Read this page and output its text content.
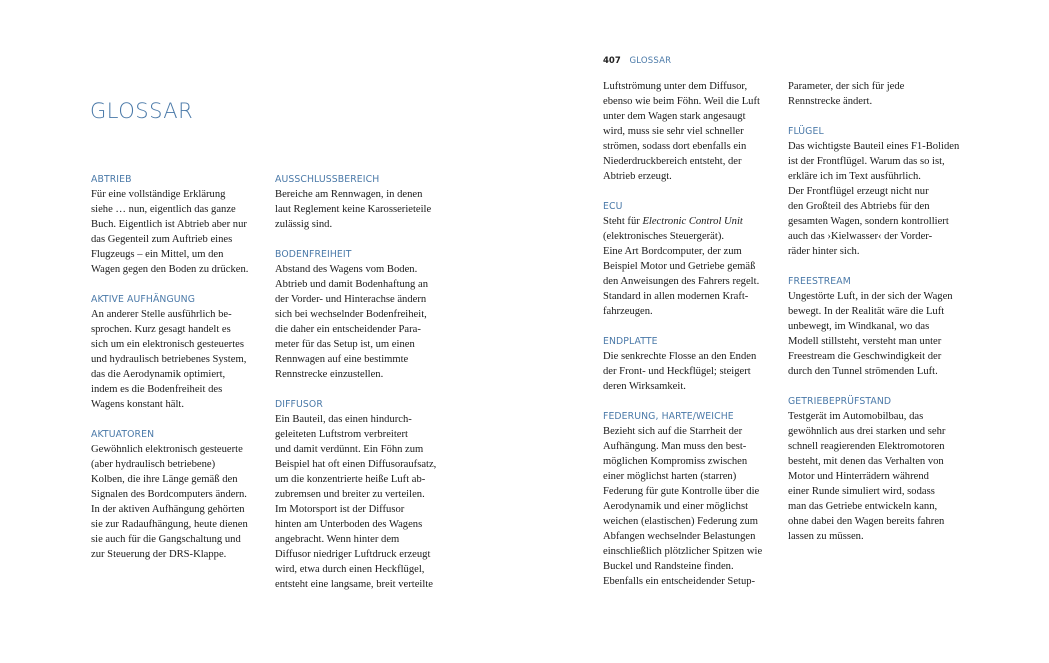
GLOSSAR
407 GLOSSAR
ABTRIEB
Für eine vollständige Erklärung
siehe … nun, eigentlich das ganze
Buch. Eigentlich ist Abtrieb aber nur
das Gegenteil zum Auftrieb eines
Flugzeugs – ein Mittel, um den
Wagen gegen den Boden zu drücken.
AKTIVE AUFHÄNGUNG
An anderer Stelle ausführlich be-
sprochen. Kurz gesagt handelt es
sich um ein elektronisch gesteuertes
und hydraulisch betriebenes System,
das die Aerodynamik optimiert,
indem es die Bodenfreiheit des
Wagens konstant hält.
AKTUATOREN
Gewöhnlich elektronisch gesteuerte
(aber hydraulisch betriebene)
Kolben, die ihre Länge gemäß den
Signalen des Bordcomputers ändern.
In der aktiven Aufhängung gehörten
sie zur Radaufhängung, heute dienen
sie auch für die Gangschaltung und
zur Steuerung der DRS-Klappe.
AUSSCHLUSSBEREICH
Bereiche am Rennwagen, in denen
laut Reglement keine Karosserieteile
zulässig sind.
BODENFREIHEIT
Abstand des Wagens vom Boden.
Abtrieb und damit Bodenhaftung an
der Vorder- und Hinterachse ändern
sich bei wechselnder Bodenfreiheit,
die daher ein entscheidender Para-
meter für das Setup ist, um einen
Rennwagen auf eine bestimmte
Rennstrecke einzustellen.
DIFFUSOR
Ein Bauteil, das einen hindurch-
geleiteten Luftstrom verbreitert
und damit verdünnt. Ein Föhn zum
Beispiel hat oft einen Diffusoraufsatz,
um die konzentrierte heiße Luft ab-
zubremsen und breiter zu verteilen.
Im Motorsport ist der Diffusor
hinten am Unterboden des Wagens
angebracht. Wenn hinter dem
Diffusor niedriger Luftdruck erzeugt
wird, etwa durch einen Heckflügel,
entsteht eine langsame, breit verteilte
Luftströmung unter dem Diffusor,
ebenso wie beim Föhn. Weil die Luft
unter dem Wagen stark angesaugt
wird, muss sie sehr viel schneller
strömen, sodass dort ebenfalls ein
Niederdruckbereich entsteht, der
Abtrieb erzeugt.
ECU
Steht für Electronic Control Unit
(elektronisches Steuergerät).
Eine Art Bordcomputer, der zum
Beispiel Motor und Getriebe gemäß
den Anweisungen des Fahrers regelt.
Standard in allen modernen Kraft-
fahrzeugen.
ENDPLATTE
Die senkrechte Flosse an den Enden
der Front- und Heckflügel; steigert
deren Wirksamkeit.
FEDERUNG, HARTE/WEICHE
Bezieht sich auf die Starrheit der
Aufhängung. Man muss den best-
möglichen Kompromiss zwischen
einer möglichst harten (starren)
Federung für gute Kontrolle über die
Aerodynamik und einer möglichst
weichen (elastischen) Federung zum
Abfangen wechselnder Belastungen
einschließlich plötzlicher Spitzen wie
Buckel und Randsteine finden.
Ebenfalls ein entscheidender Setup-
Parameter, der sich für jede
Rennstrecke ändert.
FLÜGEL
Das wichtigste Bauteil eines F1-Boliden
ist der Frontflügel. Warum das so ist,
erkläre ich im Text ausführlich.
Der Frontflügel erzeugt nicht nur
den Großteil des Abtriebs für den
gesamten Wagen, sondern kontrolliert
auch das ›Kielwasser‹ der Vorder-
räder hinter sich.
FREESTREAM
Ungestörte Luft, in der sich der Wagen
bewegt. In der Realität wäre die Luft
unbewegt, im Windkanal, wo das
Modell stillsteht, versteht man unter
Freestream die Geschwindigkeit der
durch den Tunnel strömenden Luft.
GETRIEBEPRÜFSTAND
Testgerät im Automobilbau, das
gewöhnlich aus drei starken und sehr
schnell reagierenden Elektromotoren
besteht, mit denen das Verhalten von
Motor und Hinterrädern während
einer Runde simuliert wird, sodass
man das Getriebe entwickeln kann,
ohne dabei den Wagen bereits fahren
lassen zu müssen.
